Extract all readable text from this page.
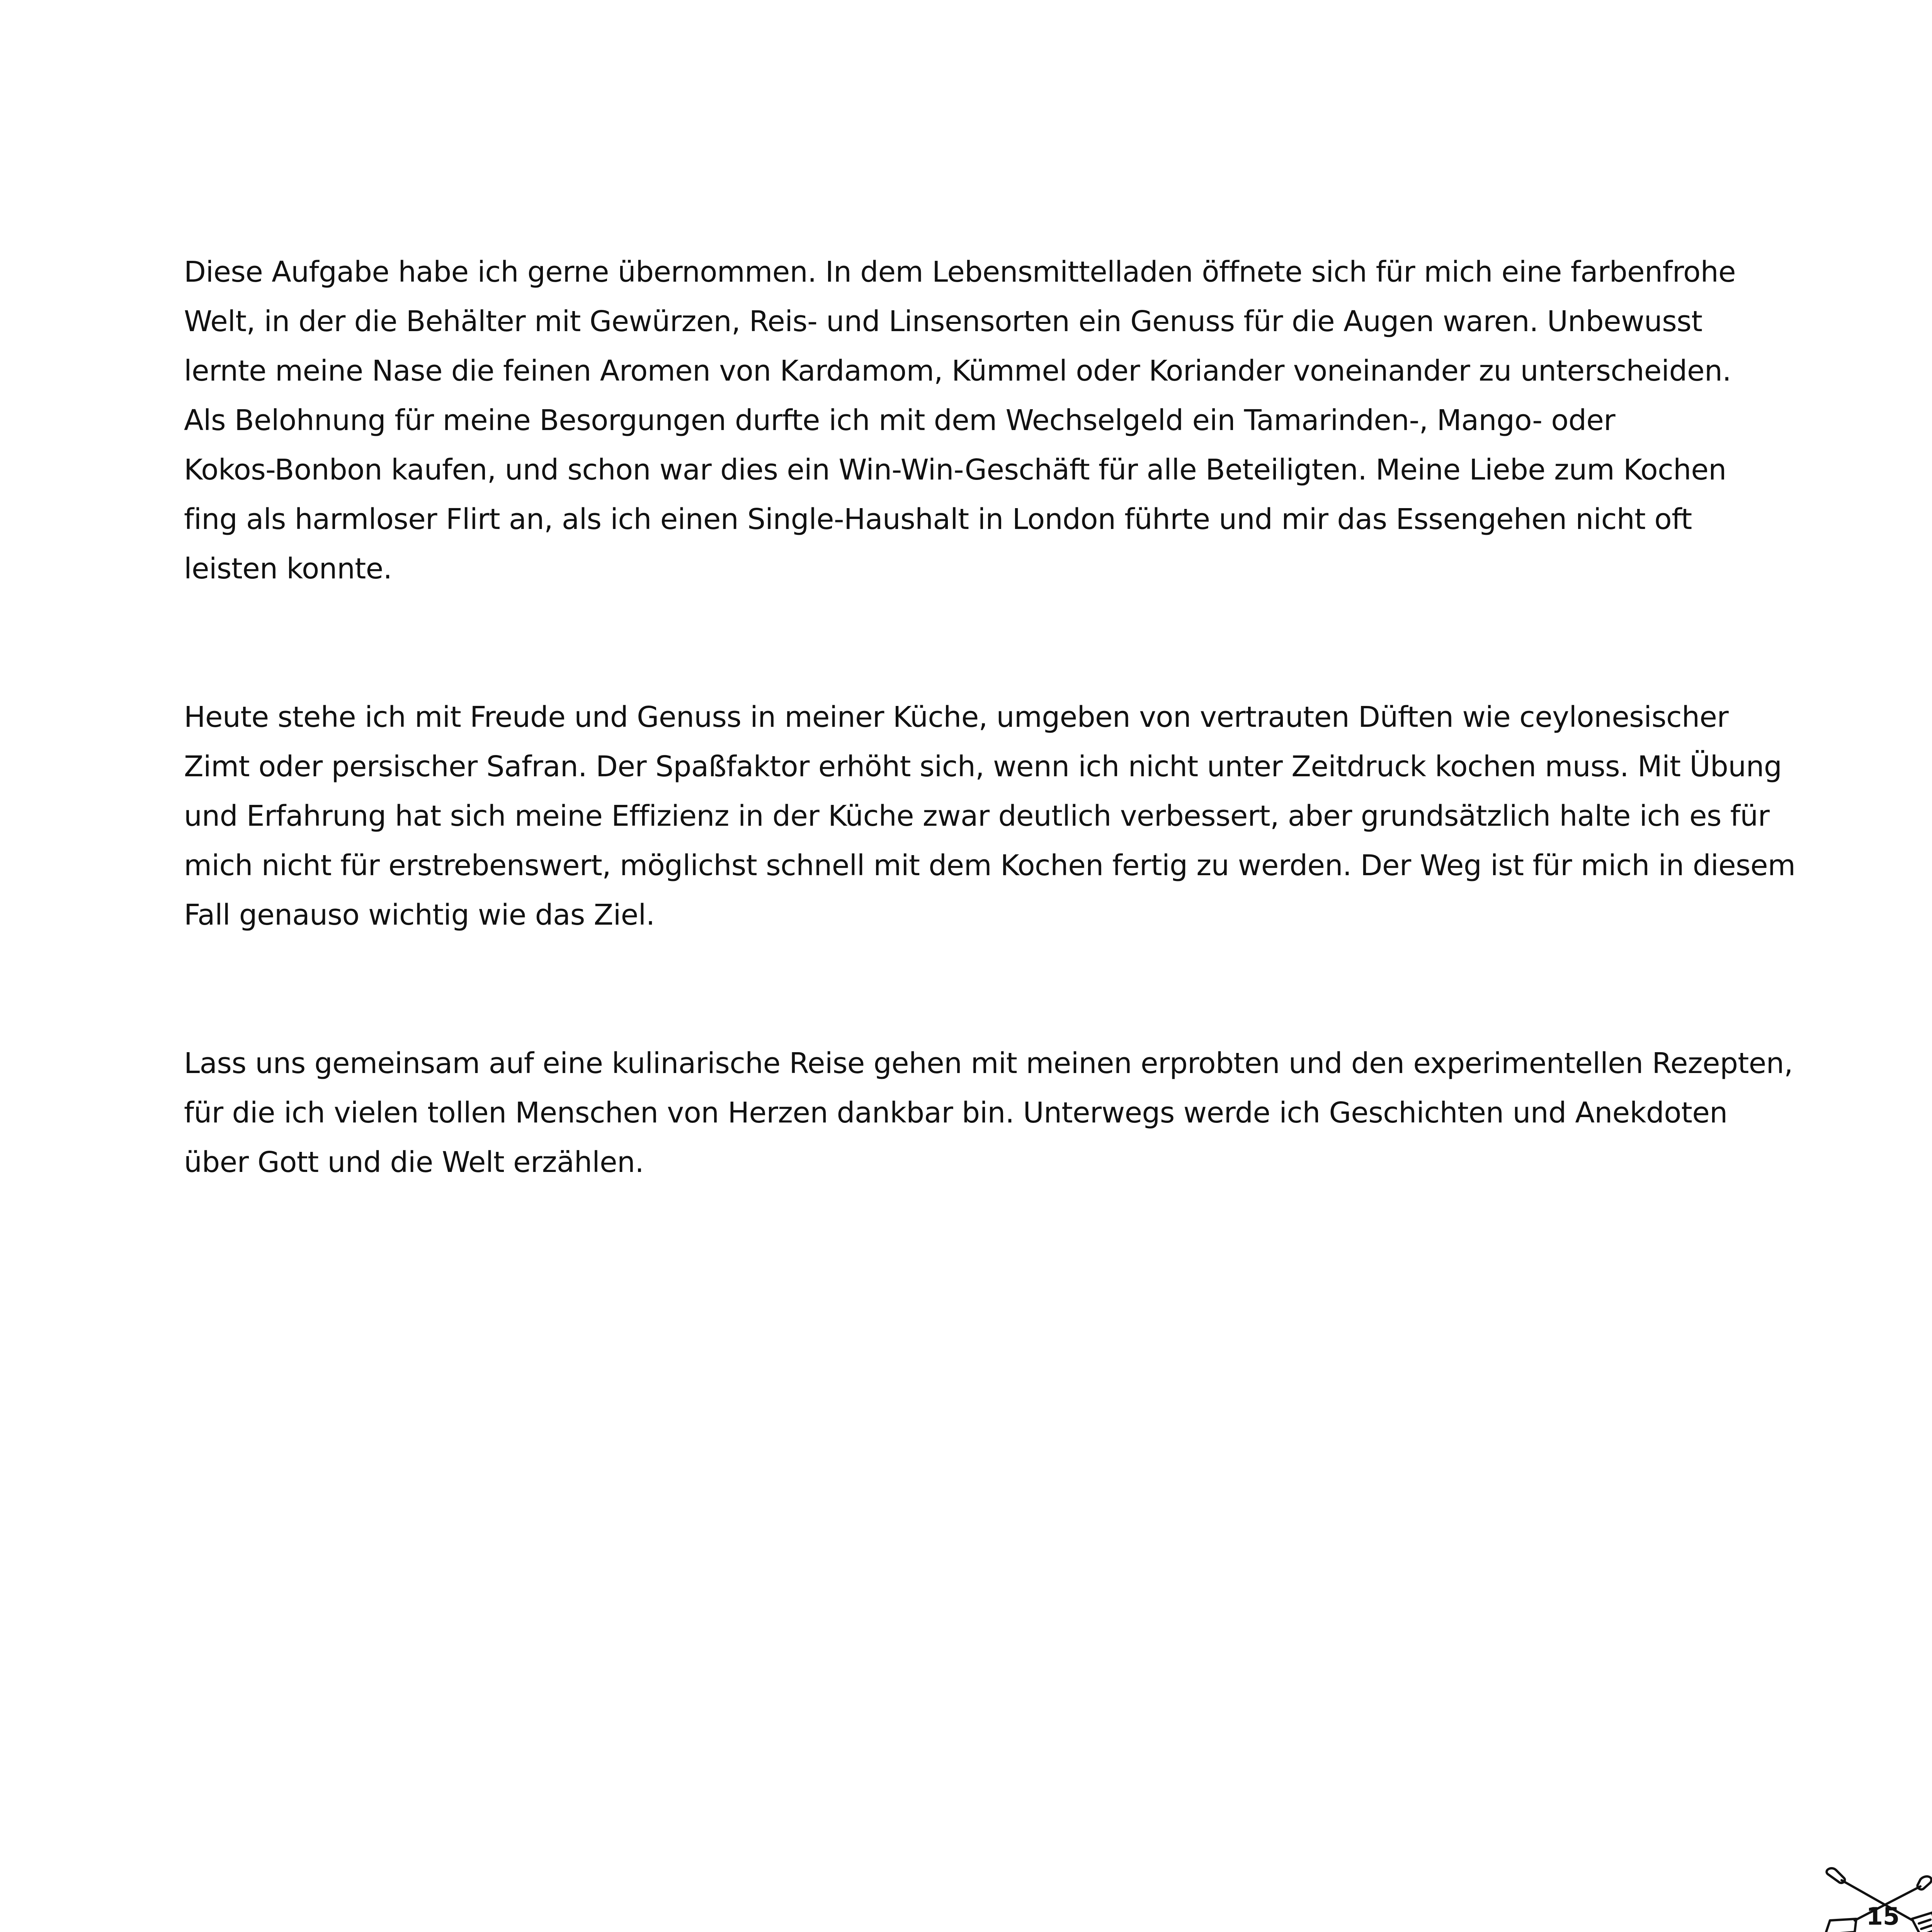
Diese Aufgabe habe ich gerne übernommen. In dem Lebensmittelladen öffnete sich für mich eine farbenfrohe
Welt, in der die Behälter mit Gewürzen, Reis- und Linsensorten ein Genuss für die Augen waren. Unbewusst
lernte meine Nase die feinen Aromen von Kardamom, Kümmel oder Koriander voneinander zu unterscheiden.
Als Belohnung für meine Besorgungen durfte ich mit dem Wechselgeld ein Tamarinden-, Mango- oder
Kokos-Bonbon kaufen, und schon war dies ein Win-Win-Geschäft für alle Beteiligten. Meine Liebe zum Kochen
fing als harmloser Flirt an, als ich einen Single-Haushalt in London führte und mir das Essengehen nicht oft
leisten konnte.
Heute stehe ich mit Freude und Genuss in meiner Küche, umgeben von vertrauten Düften wie ceylonesischer
Zimt oder persischer Safran. Der Spaßfaktor erhöht sich, wenn ich nicht unter Zeitdruck kochen muss. Mit Übung
und Erfahrung hat sich meine Effizienz in der Küche zwar deutlich verbessert, aber grundsätzlich halte ich es für
mich nicht für erstrebenswert, möglichst schnell mit dem Kochen fertig zu werden. Der Weg ist für mich in diesem
Fall genauso wichtig wie das Ziel.
Lass uns gemeinsam auf eine kulinarische Reise gehen mit meinen erprobten und den experimentellen Rezepten,
für die ich vielen tollen Menschen von Herzen dankbar bin. Unterwegs werde ich Geschichten und Anekdoten
über Gott und die Welt erzählen.
15
